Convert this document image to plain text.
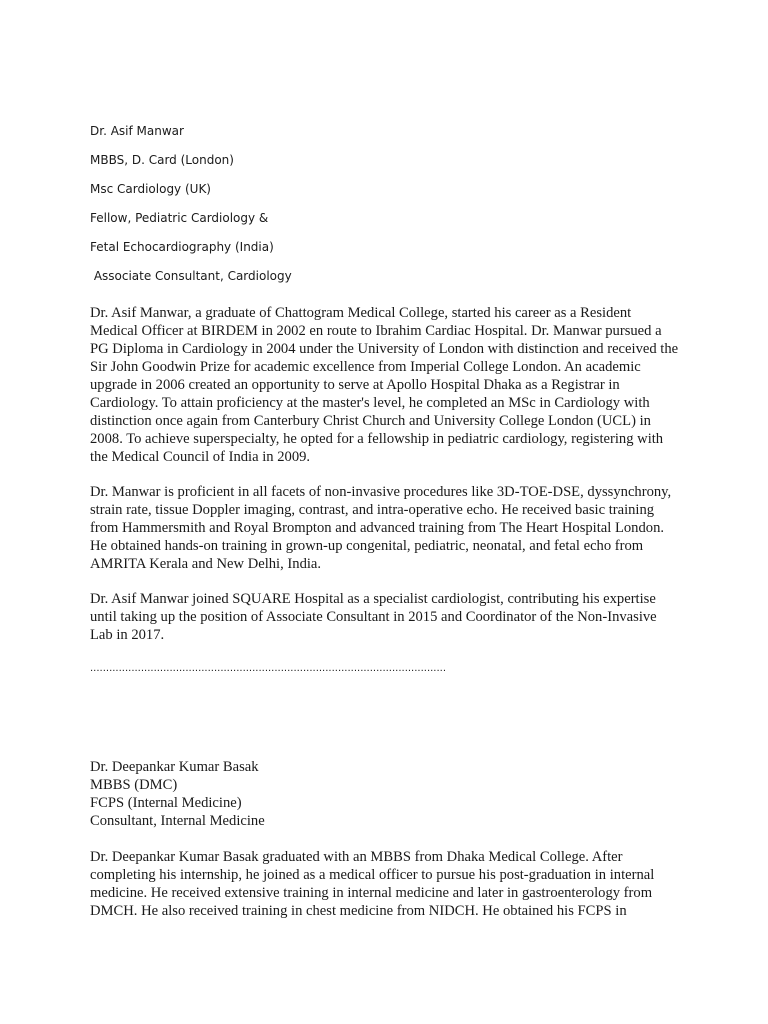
Dr. Asif Manwar
MBBS, D. Card (London)
Msc Cardiology (UK)
Fellow, Pediatric Cardiology &
Fetal Echocardiography (India)
Associate Consultant, Cardiology

Dr. Asif Manwar, a graduate of Chattogram Medical College, started his career as a Resident Medical Officer at BIRDEM in 2002 en route to Ibrahim Cardiac Hospital. Dr. Manwar pursued a PG Diploma in Cardiology in 2004 under the University of London with distinction and received the Sir John Goodwin Prize for academic excellence from Imperial College London. An academic upgrade in 2006 created an opportunity to serve at Apollo Hospital Dhaka as a Registrar in Cardiology. To attain proficiency at the master's level, he completed an MSc in Cardiology with distinction once again from Canterbury Christ Church and University College London (UCL) in 2008. To achieve superspecialty, he opted for a fellowship in pediatric cardiology, registering with the Medical Council of India in 2009.

Dr. Manwar is proficient in all facets of non-invasive procedures like 3D-TOE-DSE, dyssynchrony, strain rate, tissue Doppler imaging, contrast, and intra-operative echo. He received basic training from Hammersmith and Royal Brompton and advanced training from The Heart Hospital London. He obtained hands-on training in grown-up congenital, pediatric, neonatal, and fetal echo from AMRITA Kerala and New Delhi, India.

Dr. Asif Manwar joined SQUARE Hospital as a specialist cardiologist, contributing his expertise until taking up the position of Associate Consultant in 2015 and Coordinator of the Non-Invasive Lab in 2017.

................................................................................................................
Dr. Deepankar Kumar Basak
MBBS (DMC)
FCPS (Internal Medicine)
Consultant, Internal Medicine

Dr. Deepankar Kumar Basak graduated with an MBBS from Dhaka Medical College. After completing his internship, he joined as a medical officer to pursue his post-graduation in internal medicine. He received extensive training in internal medicine and later in gastroenterology from DMCH. He also received training in chest medicine from NIDCH. He obtained his FCPS in
